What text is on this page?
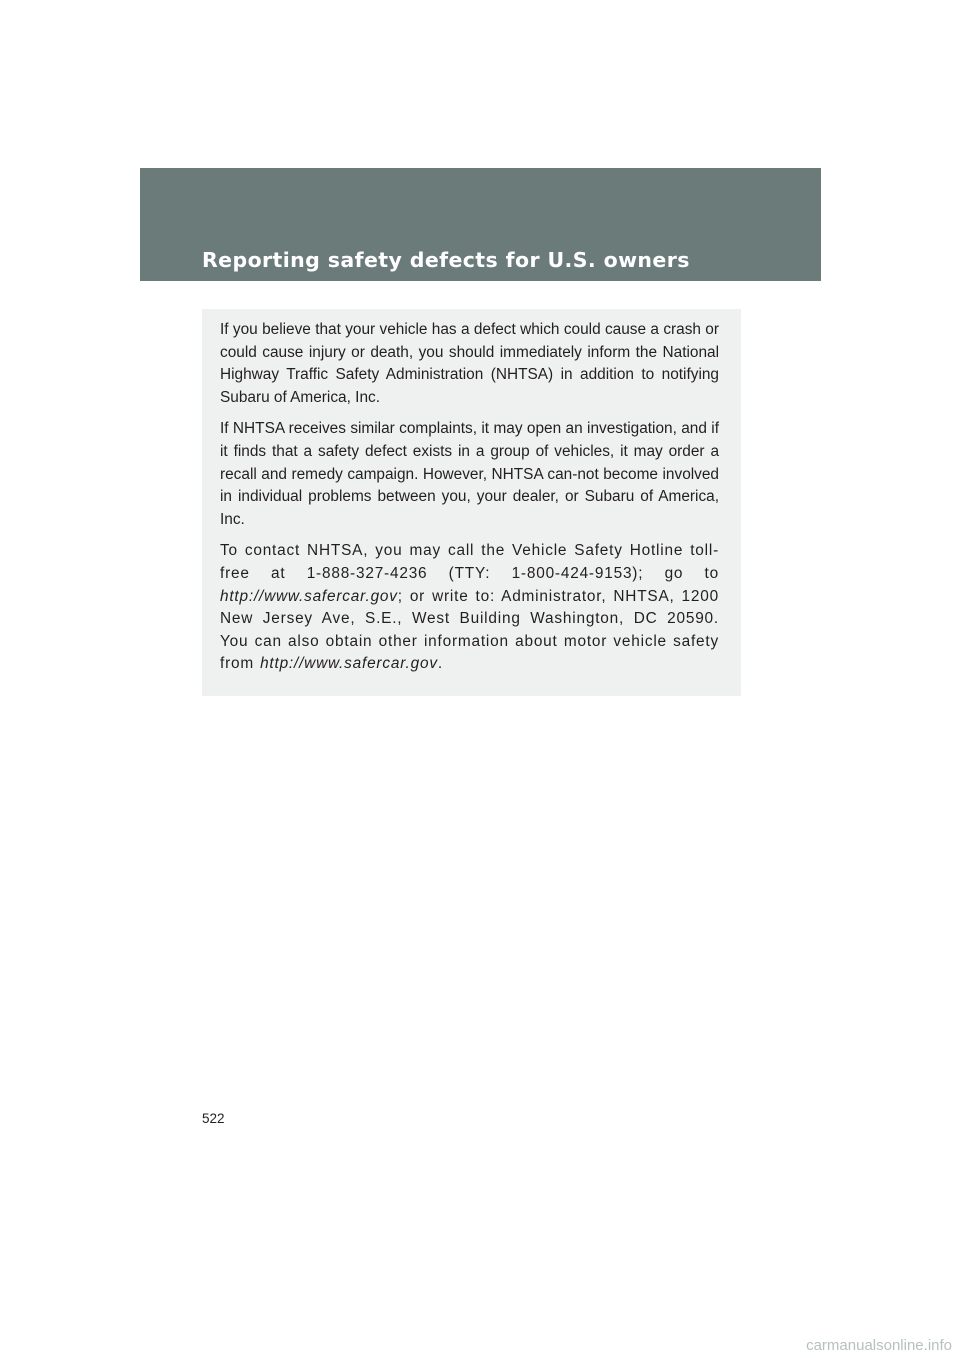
Reporting safety defects for U.S. owners

If you believe that your vehicle has a defect which could cause a crash or could cause injury or death, you should immediately inform the National Highway Traffic Safety Administration (NHTSA) in addition to notifying Subaru of America, Inc.

If NHTSA receives similar complaints, it may open an investigation, and if it finds that a safety defect exists in a group of vehicles, it may order a recall and remedy campaign. However, NHTSA can-not become involved in individual problems between you, your dealer, or Subaru of America, Inc.

To contact NHTSA, you may call the Vehicle Safety Hotline toll-free at 1-888-327-4236 (TTY: 1-800-424-9153); go to http://www.safercar.gov; or write to: Administrator, NHTSA, 1200 New Jersey Ave, S.E., West Building Washington, DC 20590. You can also obtain other information about motor vehicle safety from http://www.safercar.gov.

522

carmanualsonline.info
